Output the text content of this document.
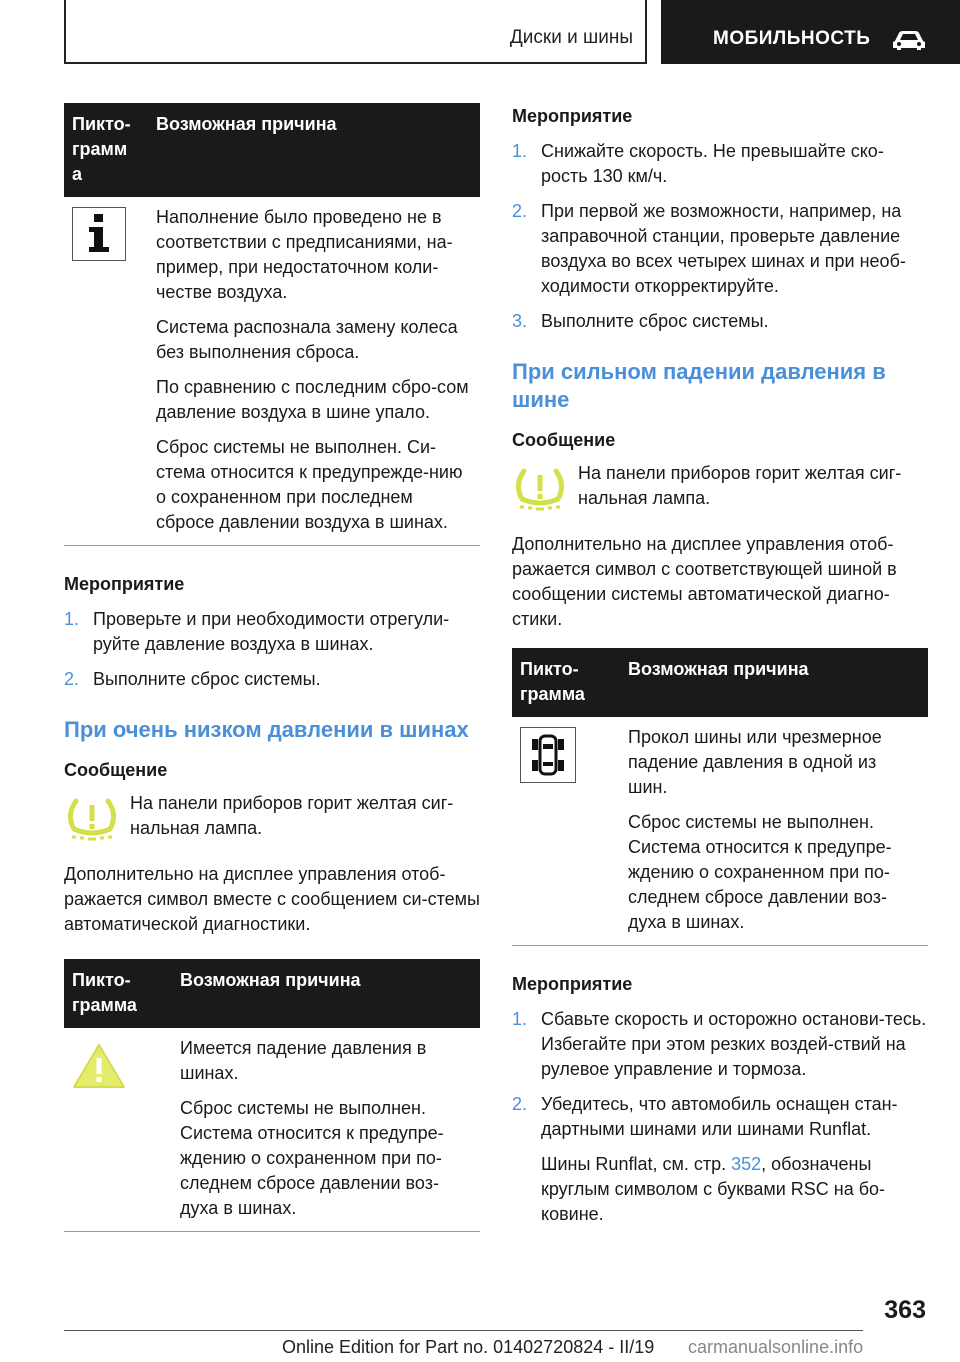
Диски и шины	МОБИЛЬНОСТЬ
Пикто-
грамм
а	Возможная причина

Наполнение было проведено не в соответствии с предписаниями, на-пример, при недостаточном коли-честве воздуха.

Система распознала замену колеса без выполнения сброса.

По сравнению с последним сбро-сом давление воздуха в шине упало.

Сброс системы не выполнен. Си-стема относится к предупрежде-нию о сохраненном при последнем сбросе давлении воздуха в шинах.

Мероприятие
1. Проверьте и при необходимости отрегули-руйте давление воздуха в шинах.
2. Выполните сброс системы.
При очень низком давлении в шинах
Сообщение
На панели приборов горит желтая сиг-нальная лампа.

Дополнительно на дисплее управления отоб-ражается символ вместе с сообщением си-стемы автоматической диагностики.

Пикто-
грамма	Возможная причина

Имеется падение давления в шинах.

Сброс системы не выполнен. Система относится к предупре-ждению о сохраненном при по-следнем сбросе давлении воз-духа в шинах.

Мероприятие
1. Снижайте скорость. Не превышайте ско-рость 130 км/ч.
2. При первой же возможности, например, на заправочной станции, проверьте давление воздуха во всех четырех шинах и при необ-ходимости откорректируйте.
3. Выполните сброс системы.
При сильном падении давления в шине
Сообщение
На панели приборов горит желтая сиг-нальная лампа.

Дополнительно на дисплее управления отоб-ражается символ с соответствующей шиной в сообщении системы автоматической диагно-стики.

Пикто-
грамма	Возможная причина

Прокол шины или чрезмерное падение давления в одной из шин.

Сброс системы не выполнен. Система относится к предупре-ждению о сохраненном при по-следнем сбросе давлении воз-духа в шинах.

Мероприятие
1. Сбавьте скорость и осторожно останови-тесь. Избегайте при этом резких воздей-ствий на рулевое управление и тормоза.
2. Убедитесь, что автомобиль оснащен стан-дартными шинами или шинами Runflat.

Шины Runflat, см. стр. 352, обозначены круглым символом с буквами RSC на бо-ковине.

363
Online Edition for Part no. 01402720824 - II/19 carmanualsonline.info
